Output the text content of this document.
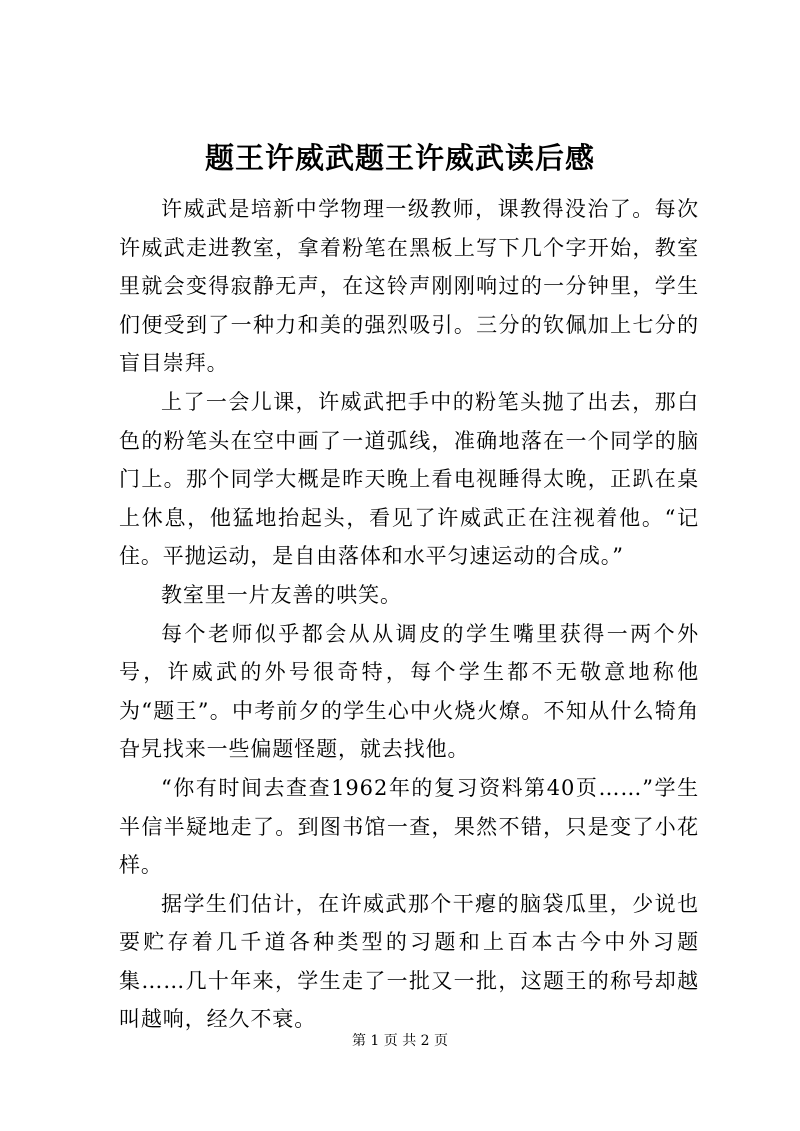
题王许威武题王许威武读后感

许威武是培新中学物理一级教师，课教得没治了。每次许威武走进教室，拿着粉笔在黑板上写下几个字开始，教室里就会变得寂静无声，在这铃声刚刚响过的一分钟里，学生们便受到了一种力和美的强烈吸引。三分的钦佩加上七分的盲目崇拜。

上了一会儿课，许威武把手中的粉笔头抛了出去，那白色的粉笔头在空中画了一道弧线，准确地落在一个同学的脑门上。那个同学大概是昨天晚上看电视睡得太晚，正趴在桌上休息，他猛地抬起头，看见了许威武正在注视着他。“记住。平抛运动，是自由落体和水平匀速运动的合成。”

教室里一片友善的哄笑。

每个老师似乎都会从从调皮的学生嘴里获得一两个外号，许威武的外号很奇特，每个学生都不无敬意地称他为“题王”。中考前夕的学生心中火烧火燎。不知从什么犄角旮旯找来一些偏题怪题，就去找他。

“你有时间去查查1962年的复习资料第40页……”学生半信半疑地走了。到图书馆一查，果然不错，只是变了小花样。

据学生们估计，在许威武那个干瘪的脑袋瓜里，少说也要贮存着几千道各种类型的习题和上百本古今中外习题集……几十年来，学生走了一批又一批，这题王的称号却越叫越响，经久不衰。

第 1 页 共 2 页
